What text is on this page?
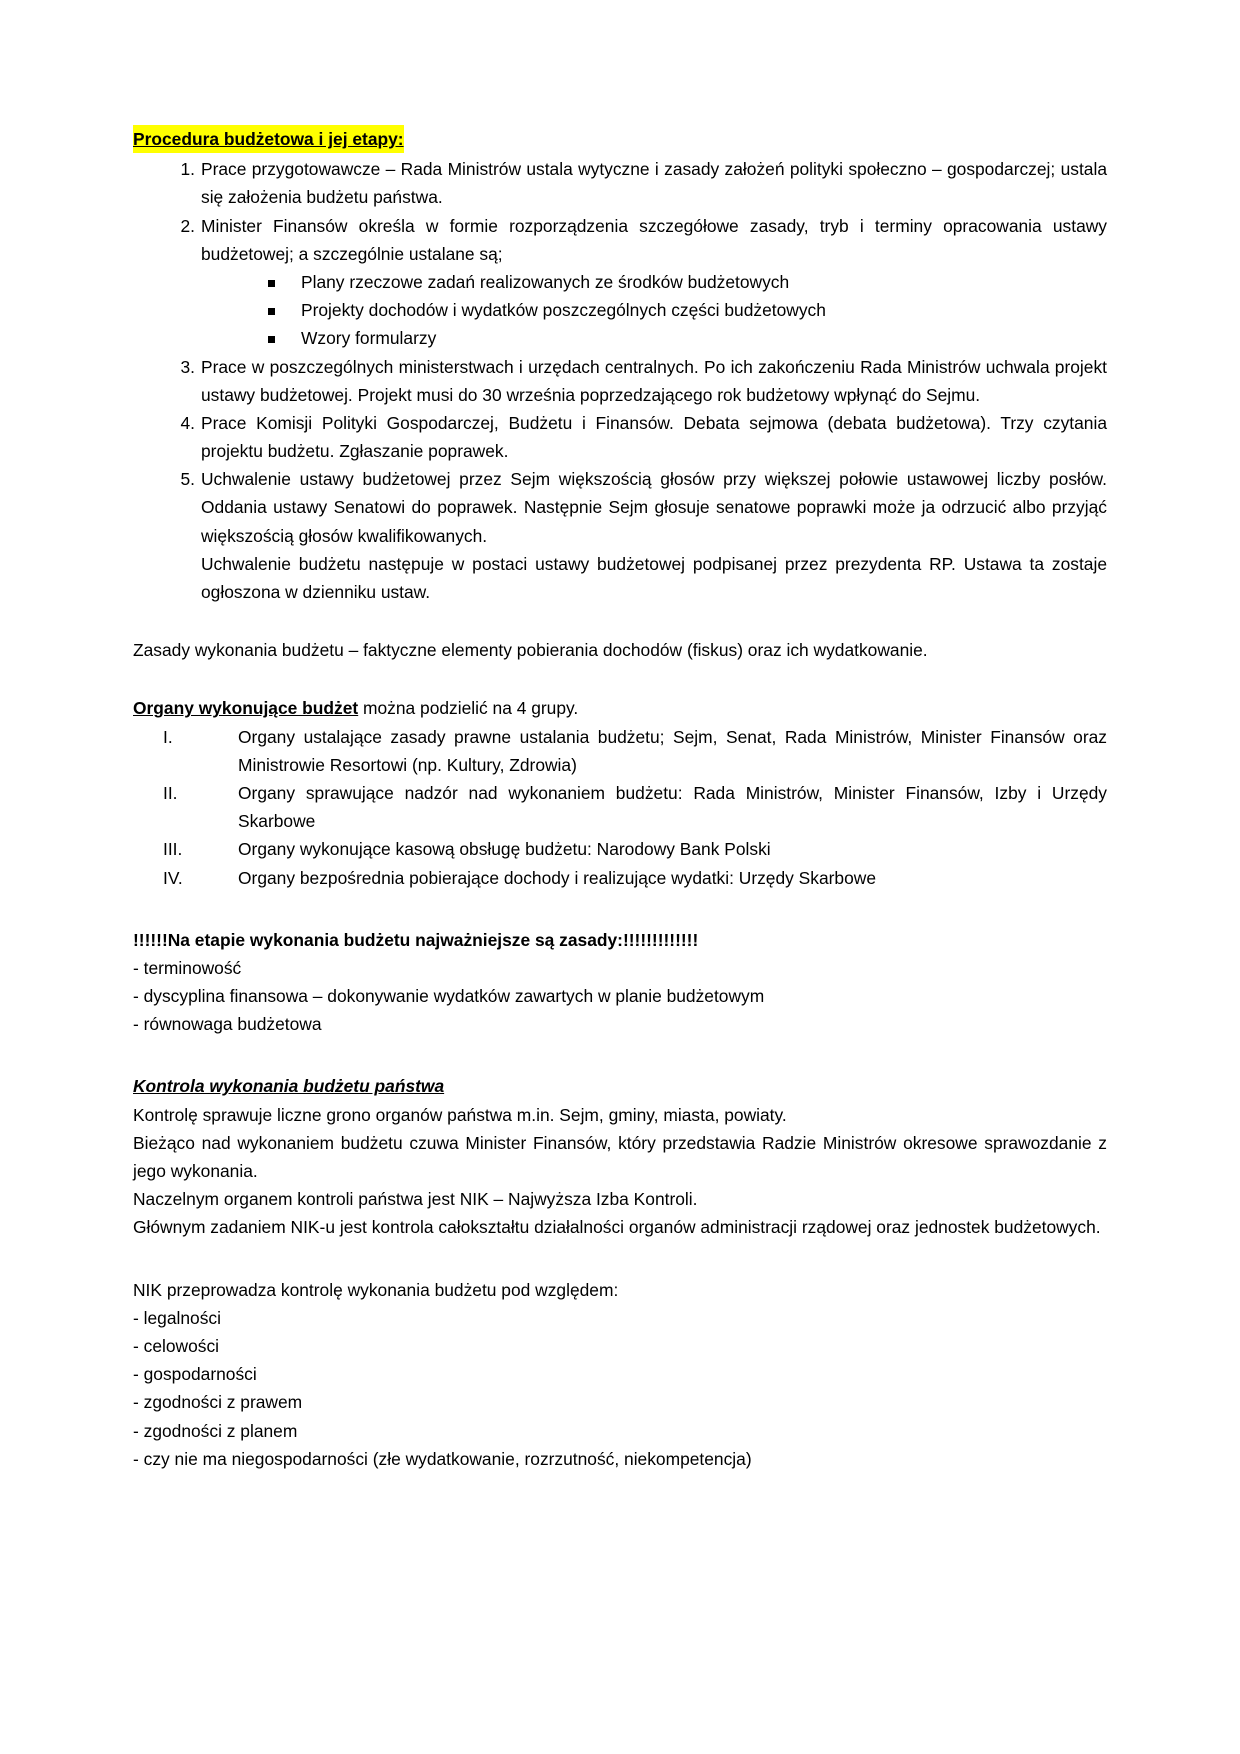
Procedura budżetowa i jej etapy:
1. Prace przygotowawcze – Rada Ministrów ustala wytyczne i zasady założeń polityki społeczno – gospodarczej; ustala się założenia budżetu państwa.
2. Minister Finansów określa w formie rozporządzenia szczegółowe zasady, tryb i terminy opracowania ustawy budżetowej; a szczególnie ustalane są;
Plany rzeczowe zadań realizowanych ze środków budżetowych
Projekty dochodów i wydatków poszczególnych części budżetowych
Wzory formularzy
3. Prace w poszczególnych ministerstwach i urzędach centralnych. Po ich zakończeniu Rada Ministrów uchwala projekt ustawy budżetowej. Projekt musi do 30 września poprzedzającego rok budżetowy wpłynąć do Sejmu.
4. Prace Komisji Polityki Gospodarczej, Budżetu i Finansów. Debata sejmowa (debata budżetowa). Trzy czytania projektu budżetu. Zgłaszanie poprawek.
5. Uchwalenie ustawy budżetowej przez Sejm większością głosów przy większej połowie ustawowej liczby posłów. Oddania ustawy Senatowi do poprawek. Następnie Sejm głosuje senatowe poprawki może ja odrzucić albo przyjąć większością głosów kwalifikowanych.
Uchwalenie budżetu następuje w postaci ustawy budżetowej podpisanej przez prezydenta RP. Ustawa ta zostaje ogłoszona w dzienniku ustaw.
Zasady wykonania budżetu – faktyczne elementy pobierania dochodów (fiskus) oraz ich wydatkowanie.
Organy wykonujące budżet można podzielić na 4 grupy.
I.	Organy ustalające zasady prawne ustalania budżetu; Sejm, Senat, Rada Ministrów, Minister Finansów oraz Ministrowie Resortowi (np. Kultury, Zdrowia)
II.	Organy sprawujące nadzór nad wykonaniem budżetu: Rada Ministrów, Minister Finansów, Izby i Urzędy Skarbowe
III.	Organy wykonujące kasową obsługę budżetu: Narodowy Bank Polski
IV.	Organy bezpośrednia pobierające dochody i realizujące wydatki: Urzędy Skarbowe
!!!!!!Na etapie wykonania budżetu najważniejsze są zasady:!!!!!!!!!!!!!
- terminowość
- dyscyplina finansowa – dokonywanie wydatków zawartych w planie budżetowym
- równowaga budżetowa
Kontrola wykonania budżetu państwa
Kontrolę sprawuje liczne grono organów państwa m.in. Sejm, gminy, miasta, powiaty.
Bieżąco nad wykonaniem budżetu czuwa Minister Finansów, który przedstawia Radzie Ministrów okresowe sprawozdanie z jego wykonania.
Naczelnym organem kontroli państwa jest NIK – Najwyższa Izba Kontroli.
Głównym zadaniem NIK-u jest kontrola całokształtu działalności organów administracji rządowej oraz jednostek budżetowych.
NIK przeprowadza kontrolę wykonania budżetu pod względem:
- legalności
- celowości
- gospodarności
- zgodności z prawem
- zgodności z planem
- czy nie ma niegospodarności (złe wydatkowanie, rozrzutność, niekompetencja)
